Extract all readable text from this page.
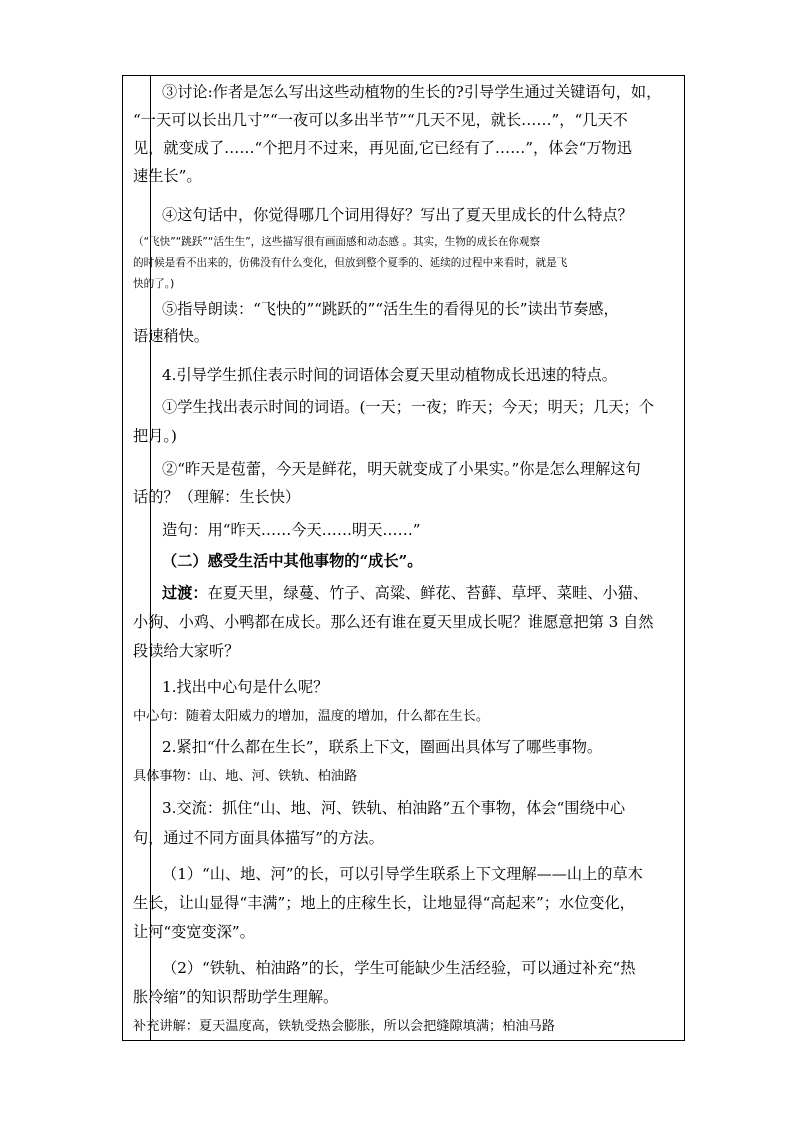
③讨论:作者是怎么写出这些动植物的生长的?引导学生通过关键语句，如，
“一天可以长出几寸”“一夜可以多出半节”“几天不见，就长……”，“几天不
见，就变成了……“个把月不过来，再见面,它已经有了……”，体会“万物迅
速生长”。
④这句话中，你觉得哪几个词用得好？写出了夏天里成长的什么特点？
（“飞快”“跳跃”“活生生”，这些描写很有画面感和动态感 。其实，生物的成长在你观察
的时候是看不出来的，仿佛没有什么变化，但放到整个夏季的、延续的过程中来看时，就是飞
快的了。)
⑤指导朗读：“飞快的”“跳跃的”“活生生的看得见的长”读出节奏感，
语速稍快。
4.引导学生抓住表示时间的词语体会夏天里动植物成长迅速的特点。
①学生找出表示时间的词语。(一天；一夜；昨天；今天；明天；几天；个
把月。)
②“昨天是苞蕾，今天是鲜花，明天就变成了小果实。”你是怎么理解这句
话的？（理解：生长快）
造句：用“昨天……今天……明天……”
（二）感受生活中其他事物的“成长”。
过渡：在夏天里，绿蔓、竹子、高粱、鲜花、苔藓、草坪、菜畦、小猫、
小狗、小鸡、小鸭都在成长。那么还有谁在夏天里成长呢？谁愿意把第 3 自然
段读给大家听？
1.找出中心句是什么呢？
中心句：随着太阳威力的增加，温度的增加，什么都在生长。
2.紧扣“什么都在生长”，联系上下文，圈画出具体写了哪些事物。
具体事物：山、地、河、铁轨、柏油路
3.交流：抓住“山、地、河、铁轨、柏油路”五个事物，体会“围绕中心
句，通过不同方面具体描写”的方法。
（1）“山、地、河”的长，可以引导学生联系上下文理解——山上的草木
生长，让山显得“丰满”；地上的庄稼生长，让地显得“高起来”；水位变化，
让河“变宽变深”。
（2）“铁轨、柏油路”的长，学生可能缺少生活经验，可以通过补充“热
胀冷缩”的知识帮助学生理解。
补充讲解：夏天温度高，铁轨受热会膨胀，所以会把缝隙填满；柏油马路
